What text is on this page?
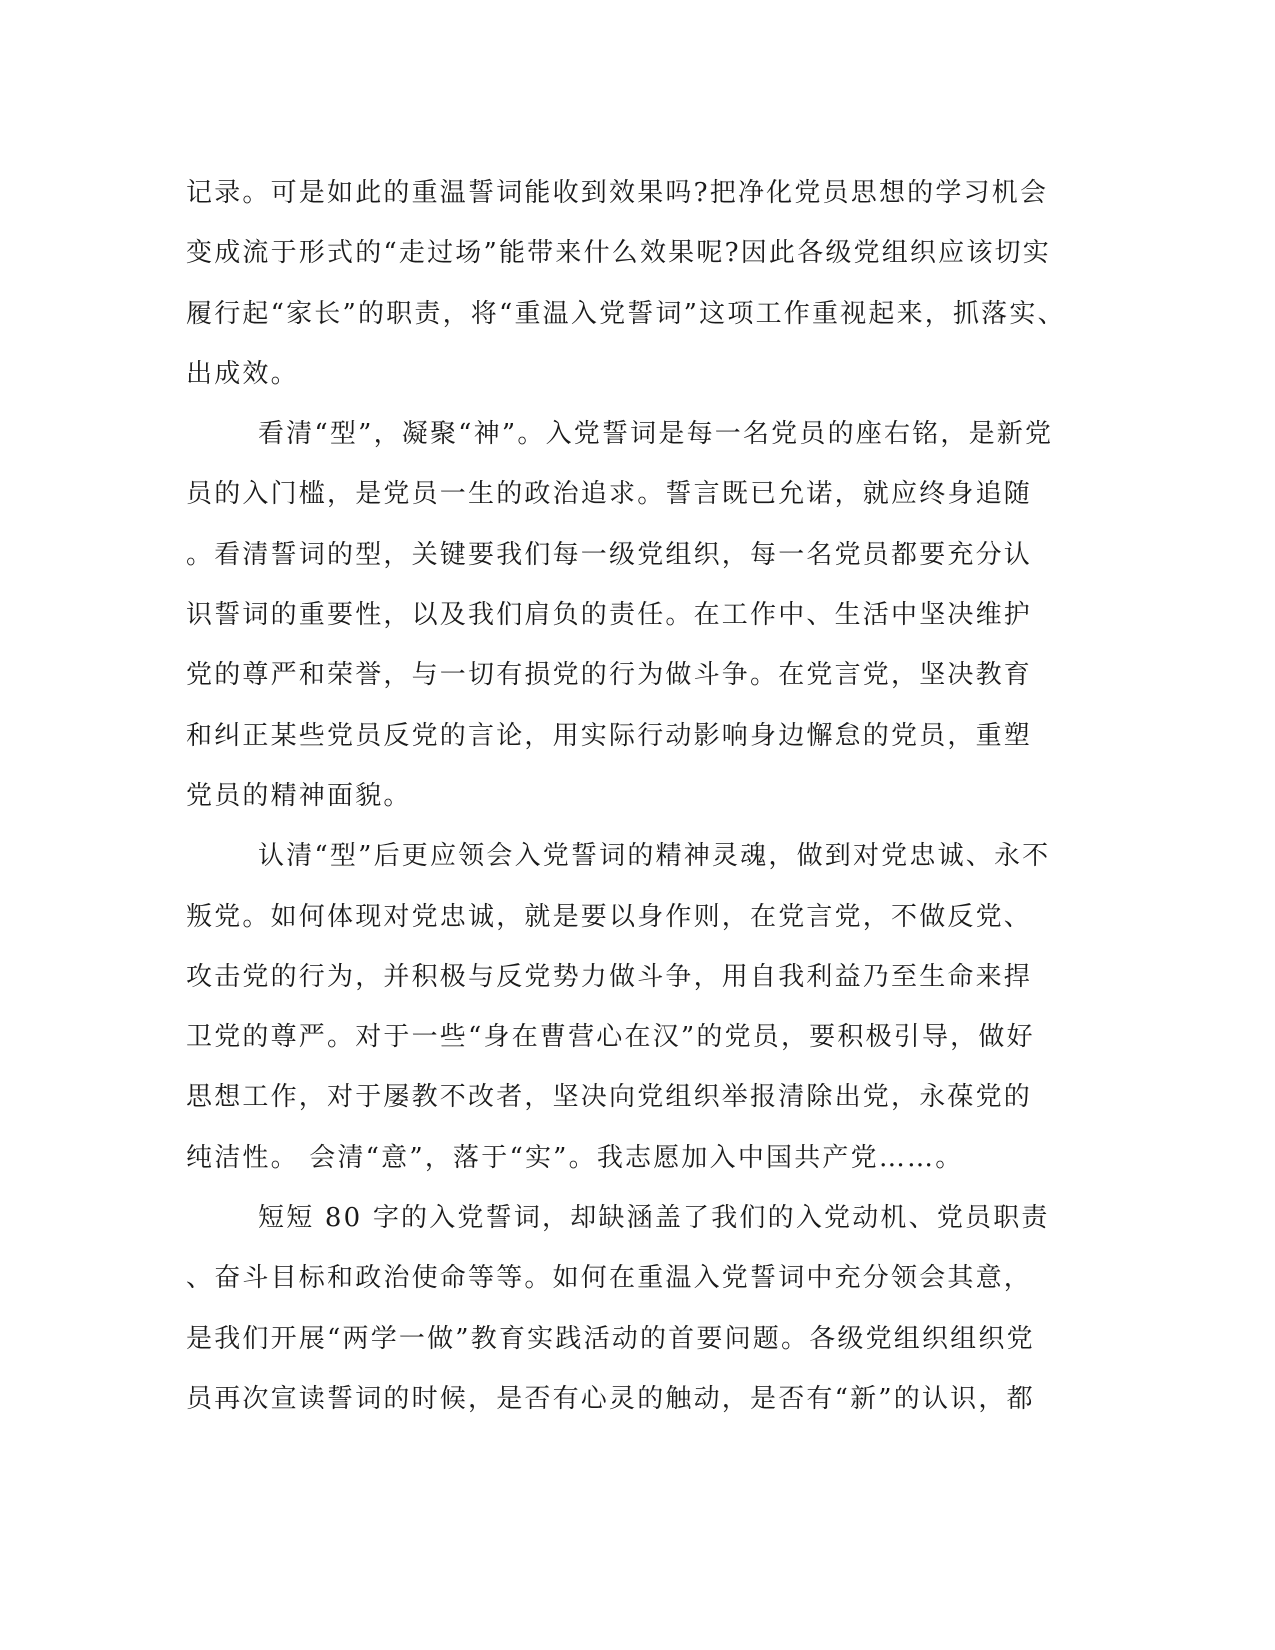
记录。可是如此的重温誓词能收到效果吗?把净化党员思想的学习机会
变成流于形式的“走过场”能带来什么效果呢?因此各级党组织应该切实
履行起“家长”的职责，将“重温入党誓词”这项工作重视起来，抓落实、
出成效。
看清“型”，凝聚“神”。入党誓词是每一名党员的座右铭，是新党
员的入门槛，是党员一生的政治追求。誓言既已允诺，就应终身追随
。看清誓词的型，关键要我们每一级党组织，每一名党员都要充分认
识誓词的重要性，以及我们肩负的责任。在工作中、生活中坚决维护
党的尊严和荣誉，与一切有损党的行为做斗争。在党言党，坚决教育
和纠正某些党员反党的言论，用实际行动影响身边懈怠的党员，重塑
党员的精神面貌。
认清“型”后更应领会入党誓词的精神灵魂，做到对党忠诚、永不
叛党。如何体现对党忠诚，就是要以身作则，在党言党，不做反党、
攻击党的行为，并积极与反党势力做斗争，用自我利益乃至生命来捍
卫党的尊严。对于一些“身在曹营心在汉”的党员，要积极引导，做好
思想工作，对于屡教不改者，坚决向党组织举报清除出党，永葆党的
纯洁性。 会清“意”，落于“实”。我志愿加入中国共产党……。
短短 80 字的入党誓词，却缺涵盖了我们的入党动机、党员职责
、奋斗目标和政治使命等等。如何在重温入党誓词中充分领会其意，
是我们开展“两学一做”教育实践活动的首要问题。各级党组织组织党
员再次宣读誓词的时候，是否有心灵的触动，是否有“新”的认识，都
